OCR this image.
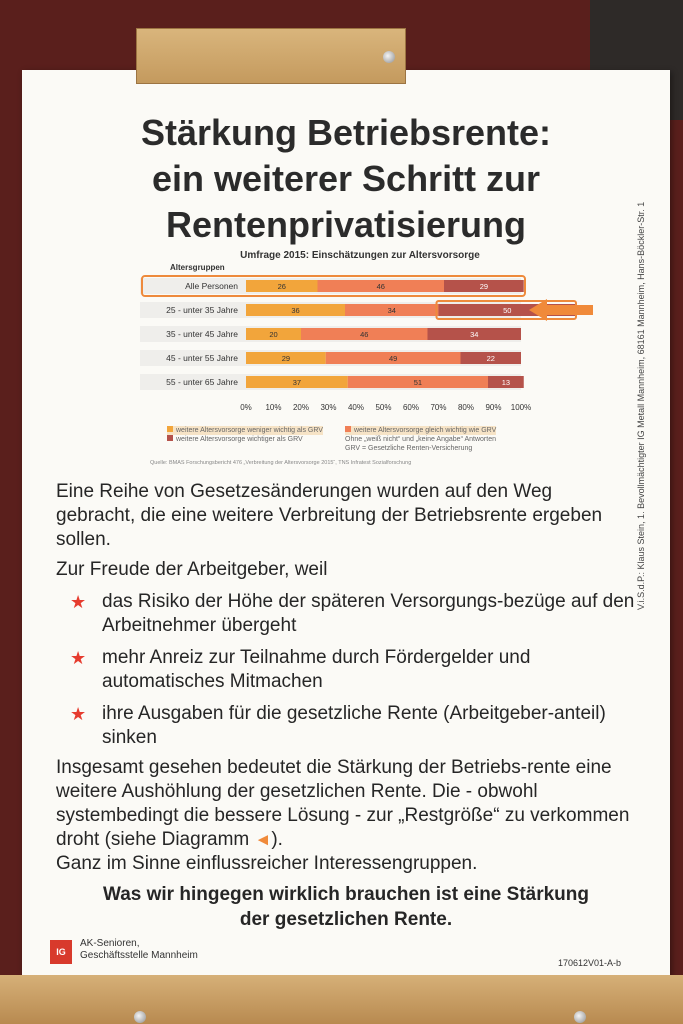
Stärkung Betriebsrente:
ein weiterer Schritt zur
Rentenprivatisierung
Umfrage 2015: Einschätzungen zur Altersvorsorge
Altersgruppen
Alle Personen	26	46	29
25 - unter 35 Jahre	36	34	50
35 - unter 45 Jahre	20	46	34
45 - unter 55 Jahre	29	49	22
55 - unter 65 Jahre	37	51	13
0% 10% 20% 30% 40% 50% 60% 70% 80% 90% 100%
weitere Altersvorsorge weniger wichtig als GRV
weitere Altersvorsorge wichtiger als GRV
weitere Altersvorsorge gleich wichtig wie GRV
Ohne „weiß nicht“ und „keine Angabe“ Antworten
GRV = Gesetzliche Renten-Versicherung
Quelle: BMAS Forschungsbericht 476 „Verbreitung der Altersvorsorge 2015“, TNS Infratest Sozialforschung

Eine Reihe von Gesetzesänderungen wurden auf den Weg gebracht, die eine weitere Verbreitung der Betriebsrente ergeben sollen.

Zur Freude der Arbeitgeber, weil

★ das Risiko der Höhe der späteren Versorgungs-bezüge auf den Arbeitnehmer übergeht

★ mehr Anreiz zur Teilnahme durch Fördergelder und automatisches Mitmachen

★ ihre Ausgaben für die gesetzliche Rente (Arbeitgeber-anteil) sinken

Insgesamt gesehen bedeutet die Stärkung der Betriebs-rente eine weitere Aushöhlung der gesetzlichen Rente. Die - obwohl systembedingt die bessere Lösung - zur „Restgröße“ zu verkommen droht (siehe Diagramm ◄).

Ganz im Sinne einflussreicher Interessengruppen.

Was wir hingegen wirklich brauchen ist eine Stärkung
der gesetzlichen Rente.
IG
AK-Senioren,
Geschäftsstelle Mannheim
170612V01-A-b
V.i.S.d.P.: Klaus Stein, 1. Bevollmächtigter IG Metall Mannheim, 68161 Mannheim, Hans-Böckler-Str. 1
